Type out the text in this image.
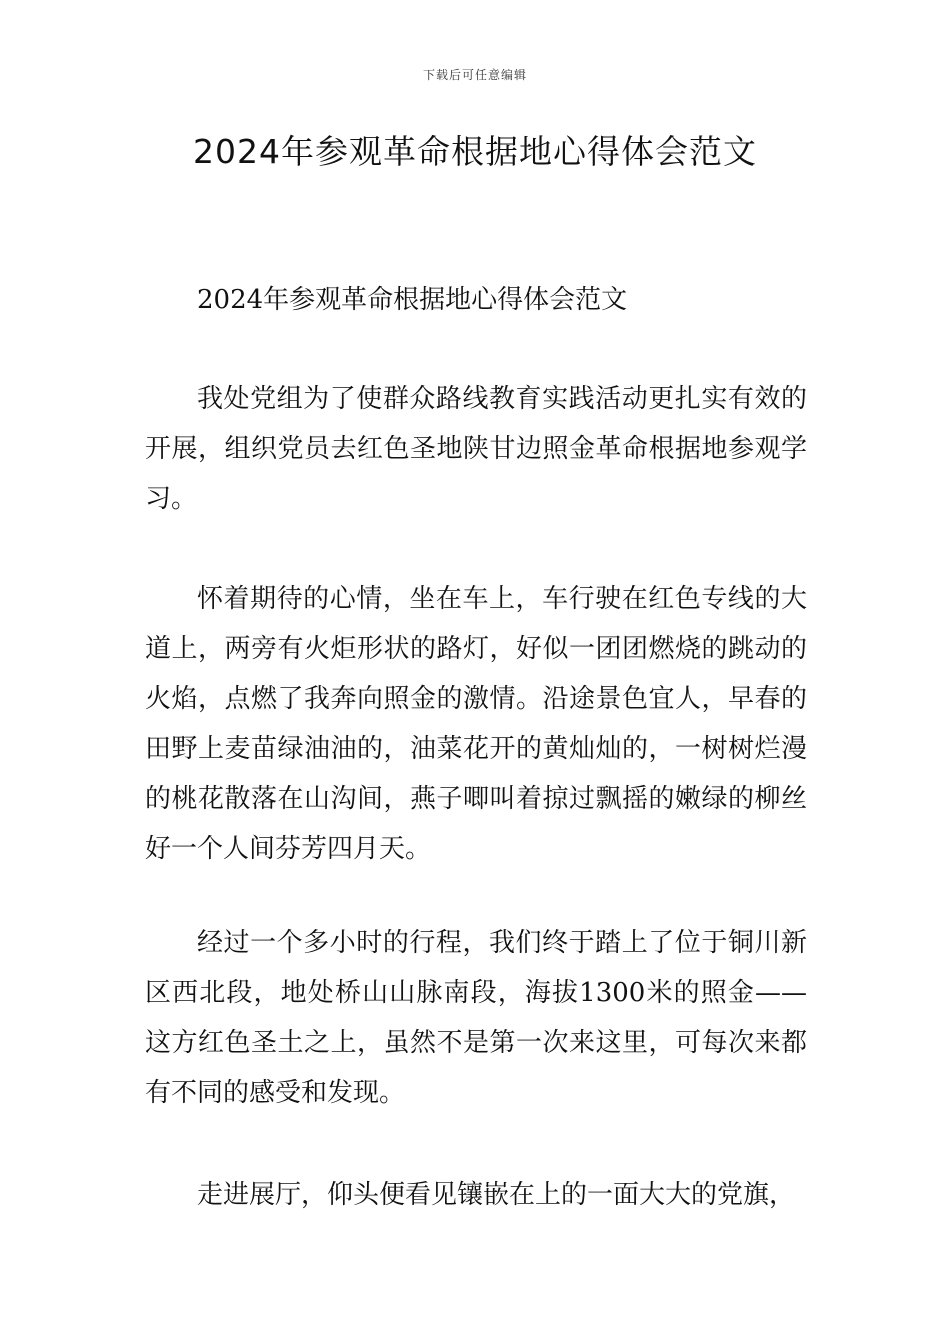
下载后可任意编辑
2024年参观革命根据地心得体会范文

2024年参观革命根据地心得体会范文

我处党组为了使群众路线教育实践活动更扎实有效的开展，组织党员去红色圣地陕甘边照金革命根据地参观学习。

怀着期待的心情，坐在车上，车行驶在红色专线的大道上，两旁有火炬形状的路灯，好似一团团燃烧的跳动的火焰，点燃了我奔向照金的激情。沿途景色宜人，早春的田野上麦苗绿油油的，油菜花开的黄灿灿的，一树树烂漫的桃花散落在山沟间，燕子唧叫着掠过飘摇的嫩绿的柳丝好一个人间芬芳四月天。

经过一个多小时的行程，我们终于踏上了位于铜川新区西北段，地处桥山山脉南段，海拔1300米的照金——这方红色圣土之上，虽然不是第一次来这里，可每次来都有不同的感受和发现。

走进展厅，仰头便看见镶嵌在上的一面大大的党旗，
